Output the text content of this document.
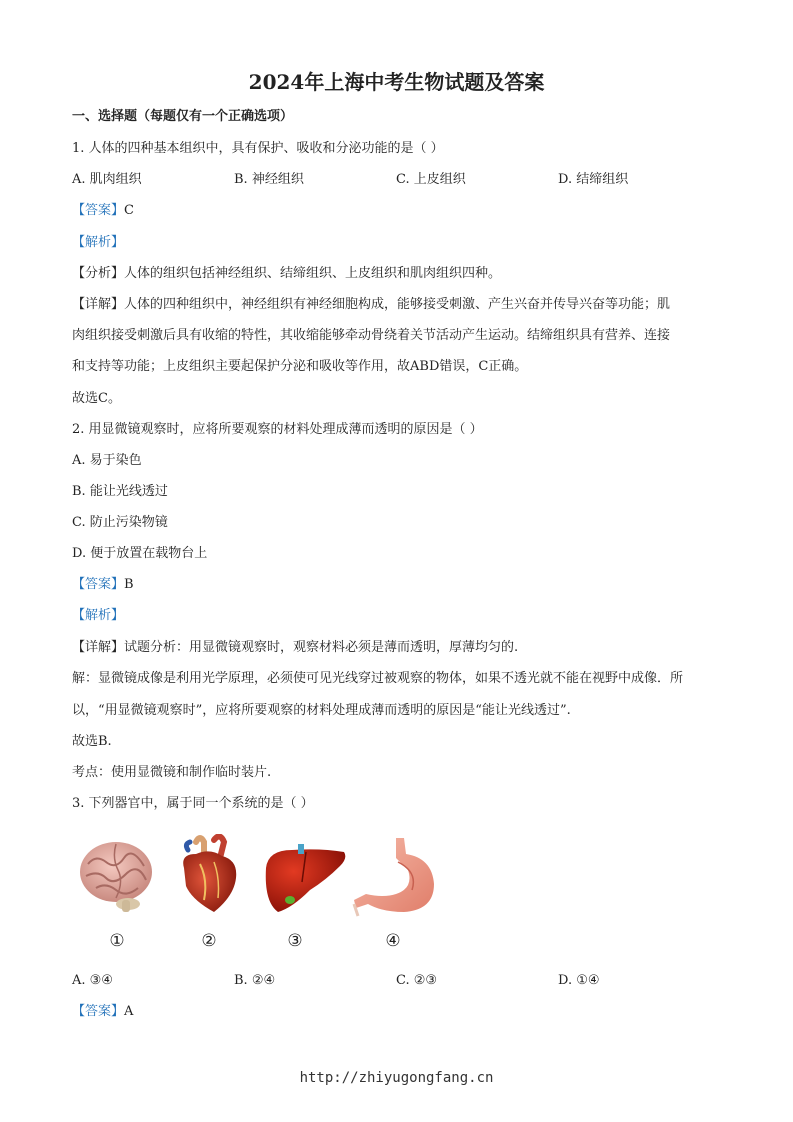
2024年上海中考生物试题及答案
一、选择题（每题仅有一个正确选项）
1. 人体的四种基本组织中，具有保护、吸收和分泌功能的是（ ）
A. 肌肉组织	B. 神经组织	C. 上皮组织	D. 结缔组织
【答案】C
【解析】
【分析】人体的组织包括神经组织、结缔组织、上皮组织和肌肉组织四种。
【详解】人体的四种组织中，神经组织有神经细胞构成，能够接受刺激、产生兴奋并传导兴奋等功能；肌
肉组织接受刺激后具有收缩的特性，其收缩能够牵动骨绕着关节活动产生运动。结缔组织具有营养、连接
和支持等功能；上皮组织主要起保护分泌和吸收等作用，故ABD错误，C正确。
故选C。
2. 用显微镜观察时，应将所要观察的材料处理成薄而透明的原因是（ ）
A. 易于染色
B. 能让光线透过
C. 防止污染物镜
D. 便于放置在载物台上
【答案】B
【解析】
【详解】试题分析：用显微镜观察时，观察材料必须是薄而透明，厚薄均匀的.
解：显微镜成像是利用光学原理，必须使可见光线穿过被观察的物体，如果不透光就不能在视野中成像．所
以，“用显微镜观察时”，应将所要观察的材料处理成薄而透明的原因是“能让光线透过”.
故选B.
考点：使用显微镜和制作临时装片.
3. 下列器官中，属于同一个系统的是（ ）
①	②	③	④
A. ③④	B. ②④	C. ②③	D. ①④
【答案】A
http://zhiyugongfang.cn
